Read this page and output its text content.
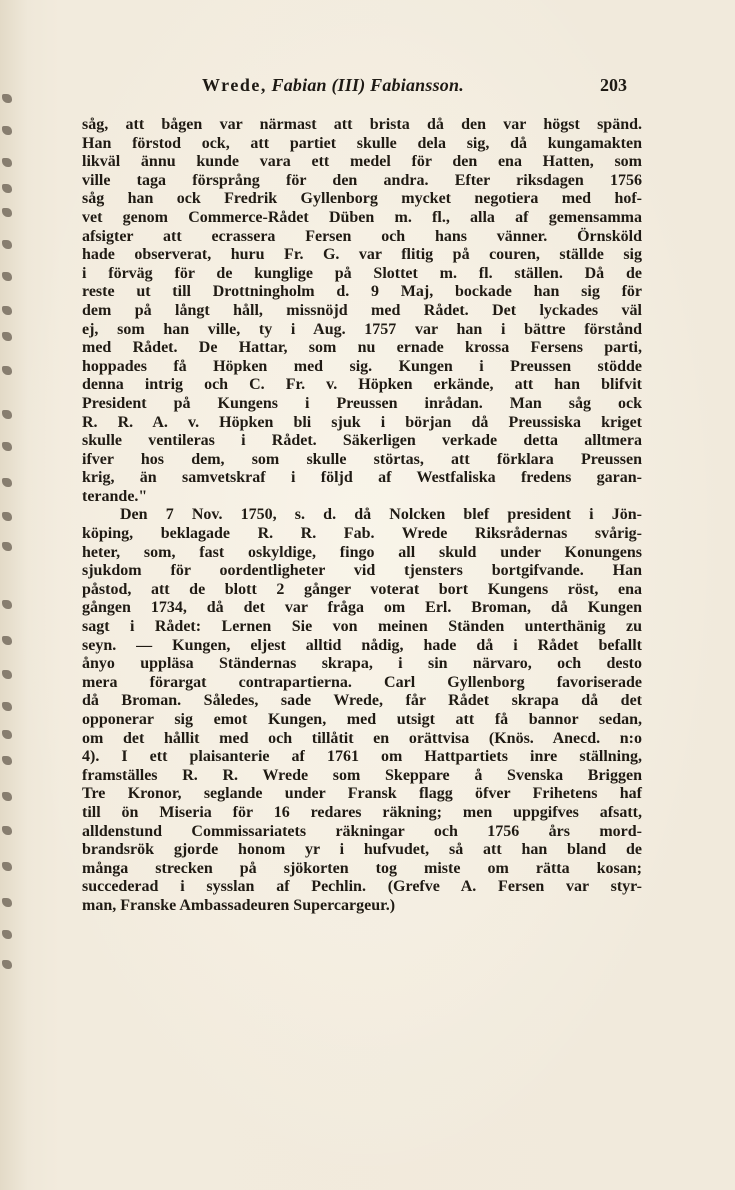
Wrede, Fabian (III) Fabiansson.	203
såg, att bågen var närmast att brista då den var högst spänd.
Han förstod ock, att partiet skulle dela sig, då kungamakten
likväl ännu kunde vara ett medel för den ena Hatten, som
ville taga försprång för den andra. Efter riksdagen 1756
såg han ock Fredrik Gyllenborg mycket negotiera med hof-
vet genom Commerce-Rådet Düben m. fl., alla af gemensamma
afsigter att ecrassera Fersen och hans vänner. Örnsköld
hade observerat, huru Fr. G. var flitig på couren, ställde sig
i förväg för de kunglige på Slottet m. fl. ställen. Då de
reste ut till Drottningholm d. 9 Maj, bockade han sig för
dem på långt håll, missnöjd med Rådet. Det lyckades väl
ej, som han ville, ty i Aug. 1757 var han i bättre förstånd
med Rådet. De Hattar, som nu ernade krossa Fersens parti,
hoppades få Höpken med sig. Kungen i Preussen stödde
denna intrig och C. Fr. v. Höpken erkände, att han blifvit
President på Kungens i Preussen inrådan. Man såg ock
R. R. A. v. Höpken bli sjuk i början då Preussiska kriget
skulle ventileras i Rådet. Säkerligen verkade detta alltmera
ifver hos dem, som skulle störtas, att förklara Preussen
krig, än samvetskraf i följd af Westfaliska fredens garan-
terande."
Den 7 Nov. 1750, s. d. då Nolcken blef president i Jön-
köping, beklagade R. R. Fab. Wrede Riksrådernas svårig-
heter, som, fast oskyldige, fingo all skuld under Konungens
sjukdom för oordentligheter vid tjensters bortgifvande. Han
påstod, att de blott 2 gånger voterat bort Kungens röst, ena
gången 1734, då det var fråga om Erl. Broman, då Kungen
sagt i Rådet: Lernen Sie von meinen Ständen unterthänig zu
seyn. — Kungen, eljest alltid nådig, hade då i Rådet befallt
ånyo uppläsa Ständernas skrapa, i sin närvaro, och desto
mera förargat contrapartierna. Carl Gyllenborg favoriserade
då Broman. Således, sade Wrede, får Rådet skrapa då det
opponerar sig emot Kungen, med utsigt att få bannor sedan,
om det hållit med och tillåtit en orättvisa (Knös. Anecd. n:o
4). I ett plaisanterie af 1761 om Hattpartiets inre ställning,
framställes R. R. Wrede som Skeppare å Svenska Briggen
Tre Kronor, seglande under Fransk flagg öfver Frihetens haf
till ön Miseria för 16 redares räkning; men uppgifves afsatt,
alldenstund Commissariatets räkningar och 1756 års mord-
brandsrök gjorde honom yr i hufvudet, så att han bland de
många strecken på sjökorten tog miste om rätta kosan;
succederad i sysslan af Pechlin. (Grefve A. Fersen var styr-
man, Franske Ambassadeuren Supercargeur.)
